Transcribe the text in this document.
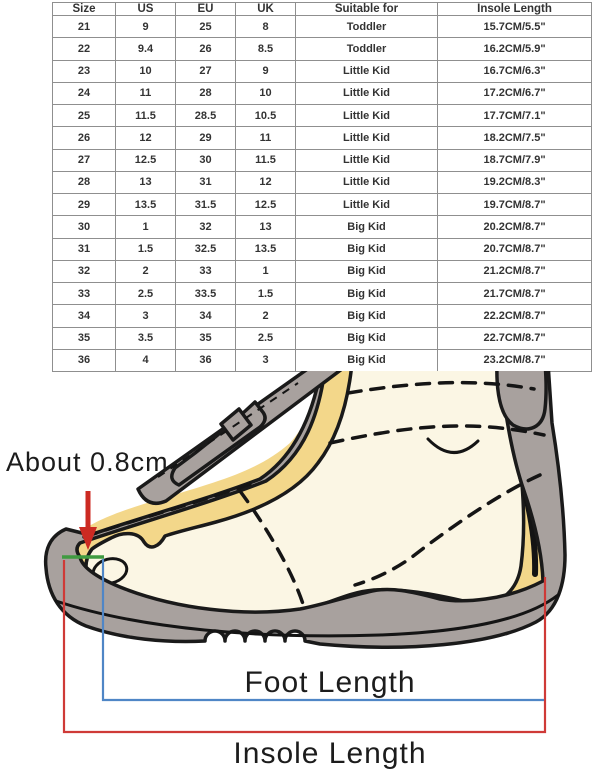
Size	US	EU	UK	Suitable for	Insole Length
21	9	25	8	Toddler	15.7CM/5.5"
22	9.4	26	8.5	Toddler	16.2CM/5.9"
23	10	27	9	Little Kid	16.7CM/6.3"
24	11	28	10	Little Kid	17.2CM/6.7"
25	11.5	28.5	10.5	Little Kid	17.7CM/7.1"
26	12	29	11	Little Kid	18.2CM/7.5"
27	12.5	30	11.5	Little Kid	18.7CM/7.9"
28	13	31	12	Little Kid	19.2CM/8.3"
29	13.5	31.5	12.5	Little Kid	19.7CM/8.7"
30	1	32	13	Big Kid	20.2CM/8.7"
31	1.5	32.5	13.5	Big Kid	20.7CM/8.7"
32	2	33	1	Big Kid	21.2CM/8.7"
33	2.5	33.5	1.5	Big Kid	21.7CM/8.7"
34	3	34	2	Big Kid	22.2CM/8.7"
35	3.5	35	2.5	Big Kid	22.7CM/8.7"
36	4	36	3	Big Kid	23.2CM/8.7"
About 0.8cm
Foot Length
Insole Length
